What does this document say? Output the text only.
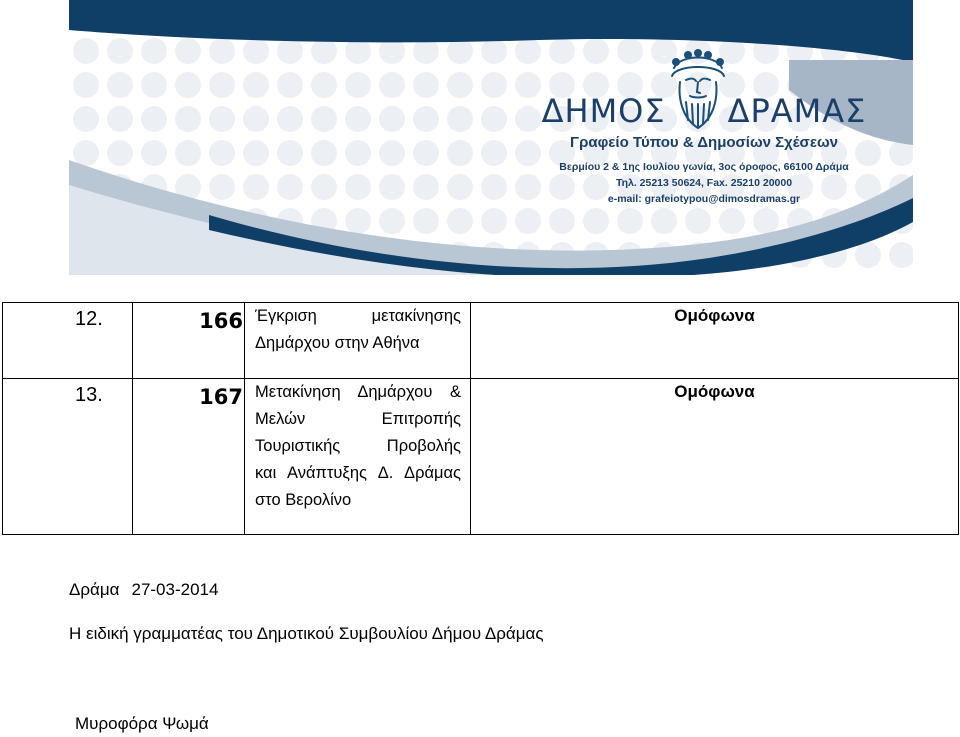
ΔΗΜΟΣ ΔΡΑΜΑΣ
Γραφείο Τύπου & Δημοσίων Σχέσεων
Βερμίου 2 & 1ης Ιουλίου γωνία, 3ος όροφος, 66100 Δράμα
Τηλ. 25213 50624, Fax. 25210 20000
e-mail: grafeiotypou@dimosdramas.gr
12.	166	Έγκριση μετακίνησης
Δημάρχου στην Αθήνα	Ομόφωνα
13.	167	Μετακίνηση Δημάρχου &
Μελών Επιτροπής
Τουριστικής Προβολής
και Ανάπτυξης Δ. Δράμας
στο Βερολίνο	Ομόφωνα
Δράμα 27-03-2014
Η ειδική γραμματέας του Δημοτικού Συμβουλίου Δήμου Δράμας
Μυροφόρα Ψωμά
